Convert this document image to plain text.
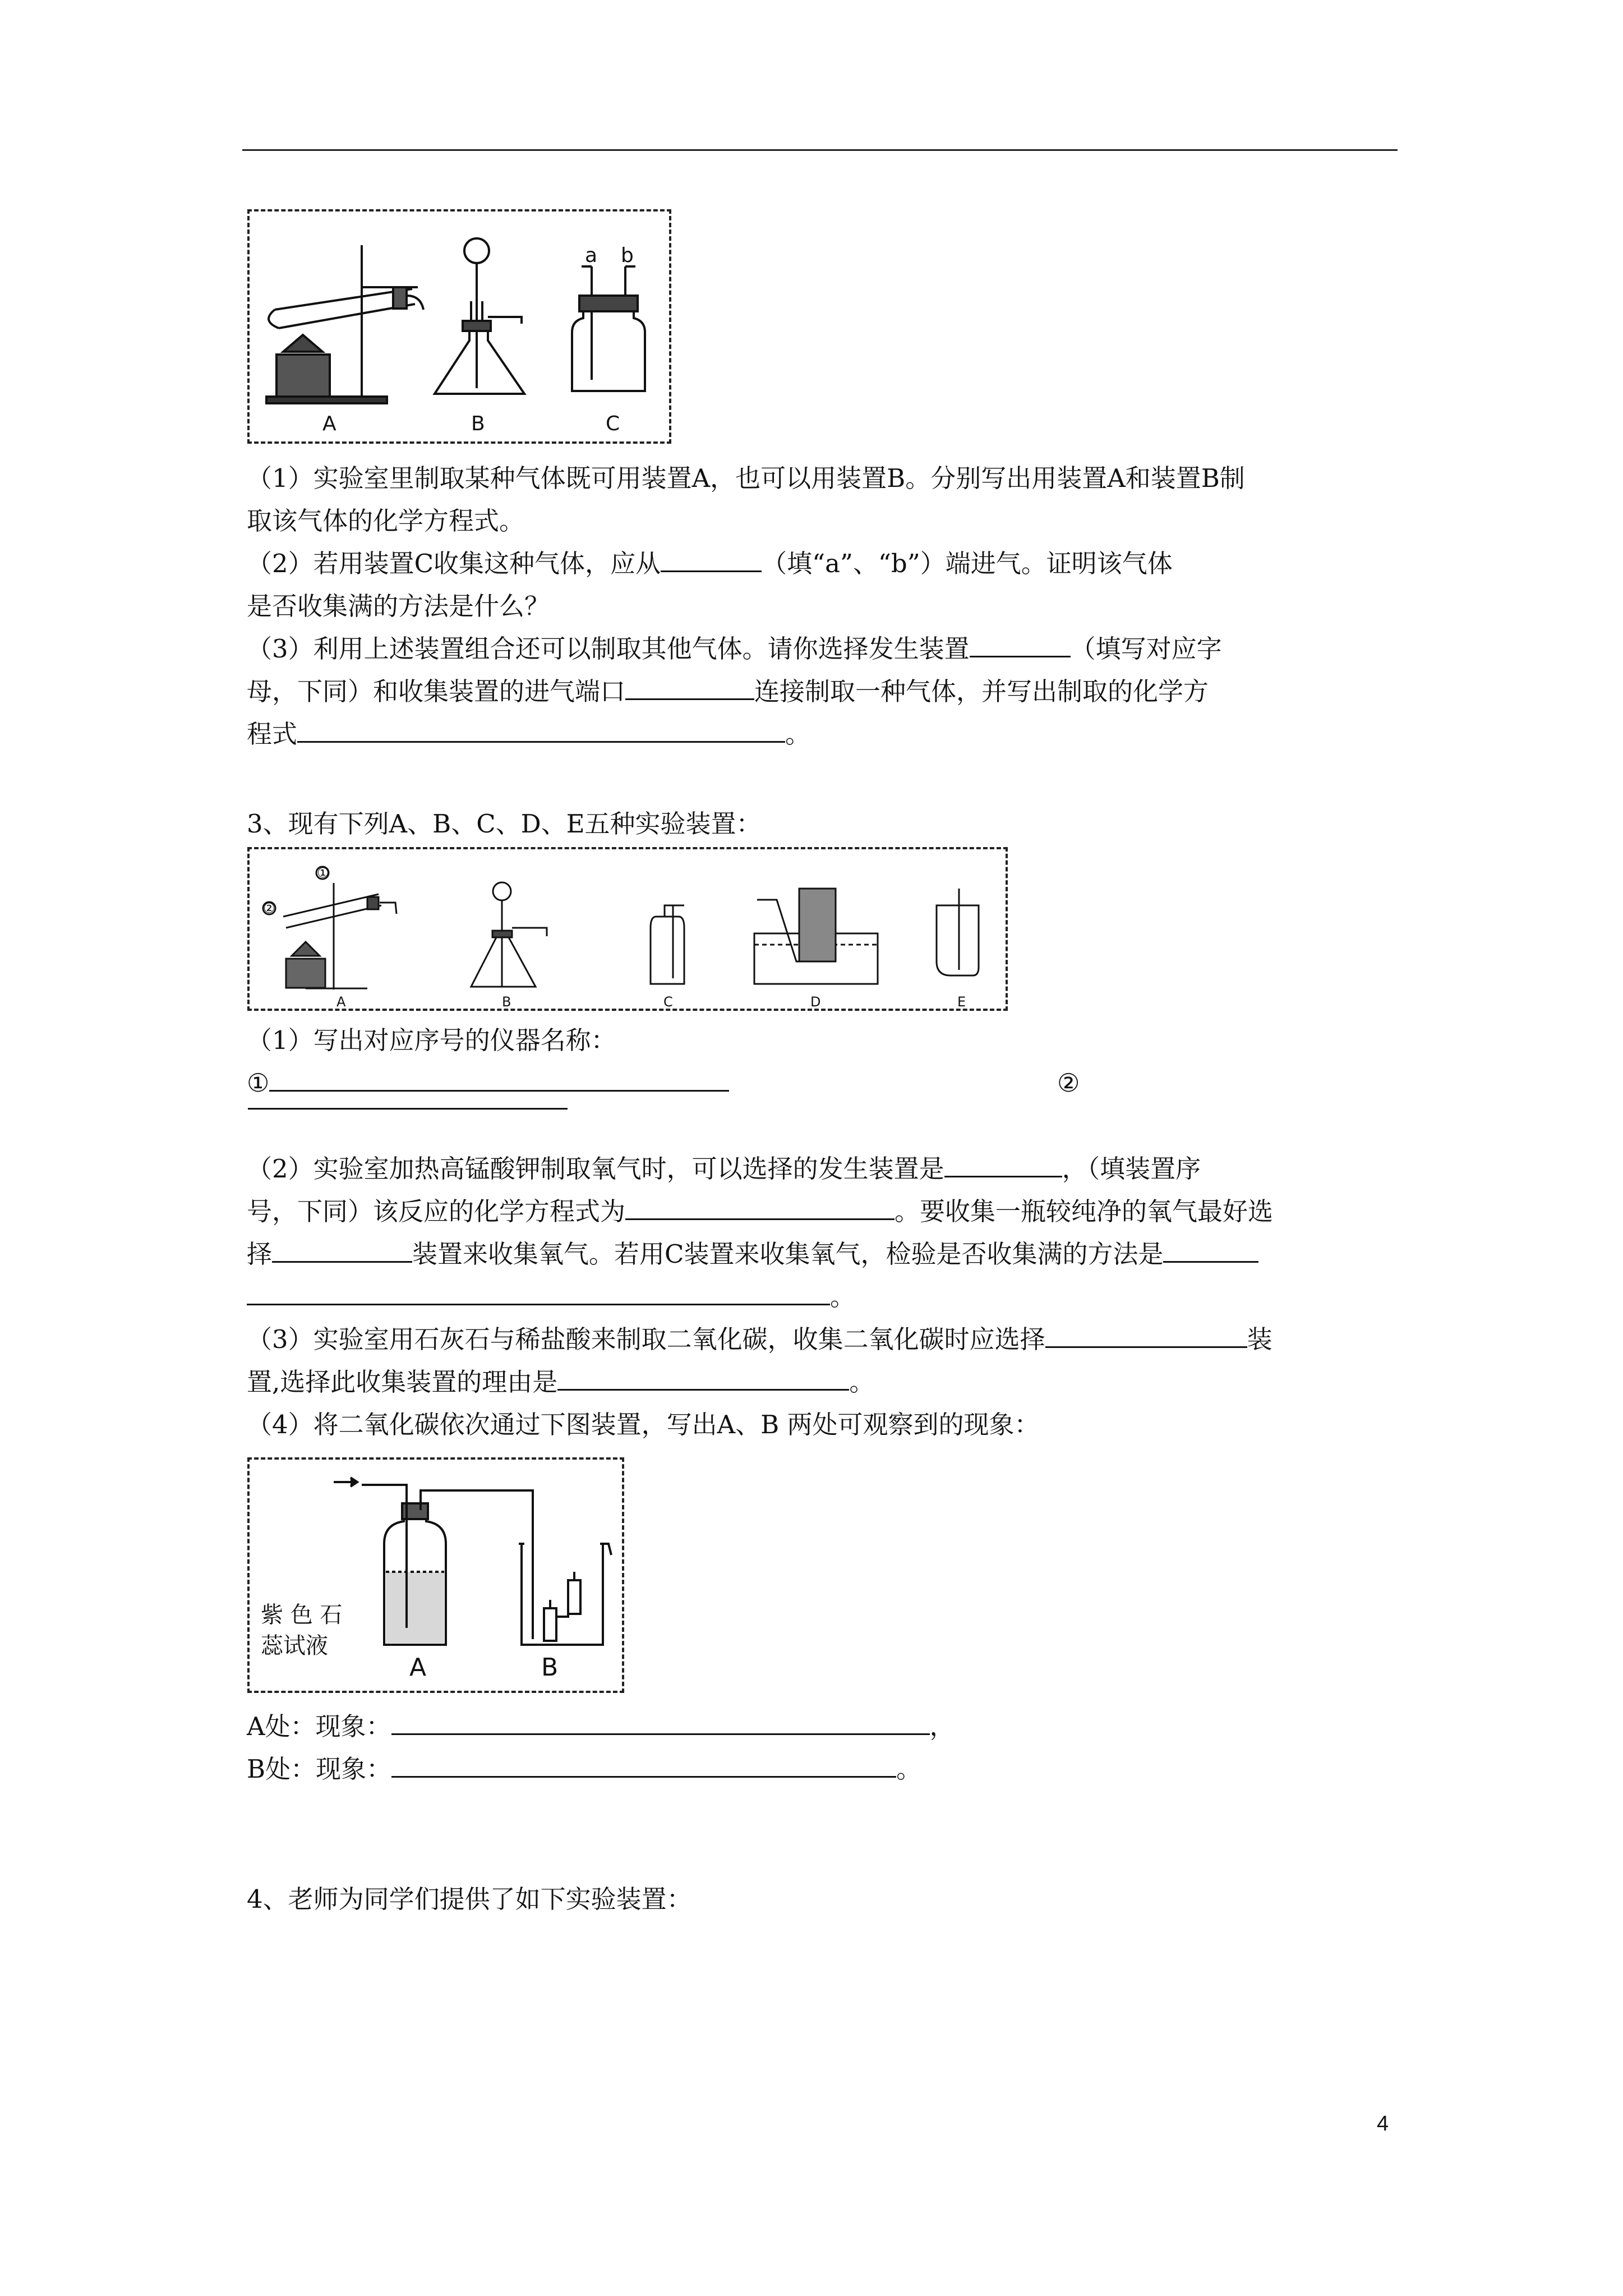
A	B	C
a b
（1）实验室里制取某种气体既可用装置A，也可以用装置B。分别写出用装置A和装置B制
取该气体的化学方程式。
（2）若用装置C收集这种气体，应从	（填“a”、“b”）端进气。证明该气体
是否收集满的方法是什么？
（3）利用上述装置组合还可以制取其他气体。请你选择发生装置	（填写对应字
母，下同）和收集装置的进气端口	连接制取一种气体，并写出制取的化学方
程式	。
3、现有下列A、B、C、D、E五种实验装置：
①
②
A	B	C	D	E
（1）写出对应序号的仪器名称：
①	②
（2）实验室加热高锰酸钾制取氧气时，可以选择的发生装置是	，（填装置序
号，下同）该反应的化学方程式为	。要收集一瓶较纯净的氧气最好选
择	装置来收集氧气。若用C装置来收集氧气，检验是否收集满的方法是
。
（3）实验室用石灰石与稀盐酸来制取二氧化碳，收集二氧化碳时应选择	装
置,选择此收集装置的理由是	。
（4）将二氧化碳依次通过下图装置，写出A、B 两处可观察到的现象：
紫 色 石
蕊试液
A	B
A处：现象：	，
B处：现象：	。
4、老师为同学们提供了如下实验装置：
4
